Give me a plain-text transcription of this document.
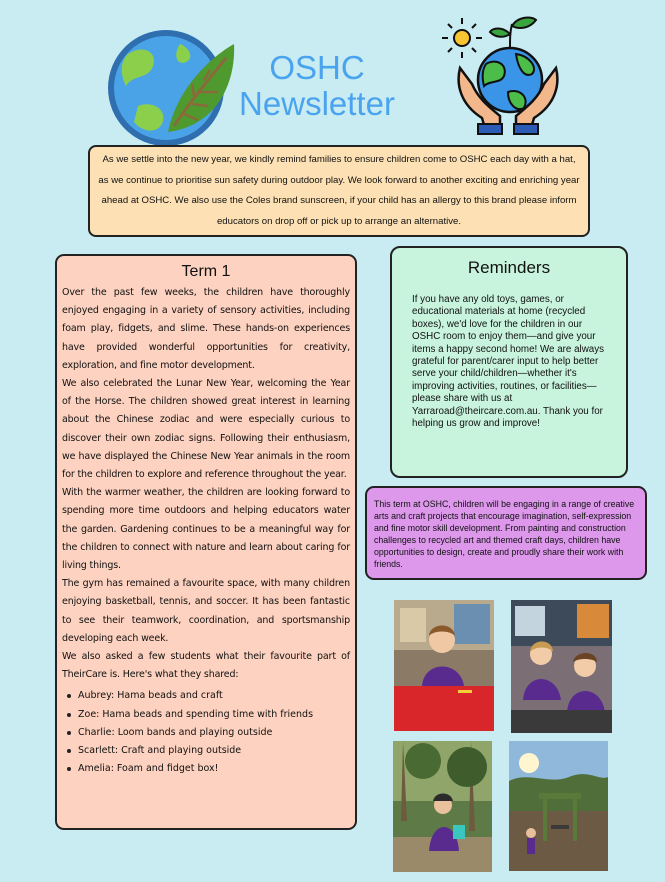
OSHC
Newsletter
As we settle into the new year, we kindly remind families to ensure children come to OSHC each day with a hat, as we continue to prioritise sun safety during outdoor play. We look forward to another exciting and enriching year ahead at OSHC. We also use the Coles brand sunscreen, if your child has an allergy to this brand please inform educators on drop off or pick up to arrange an alternative.
Term 1

Over the past few weeks, the children have thoroughly enjoyed engaging in a variety of sensory activities, including foam play, fidgets, and slime. These hands-on experiences have provided wonderful opportunities for creativity, exploration, and fine motor development.

We also celebrated the Lunar New Year, welcoming the Year of the Horse. The children showed great interest in learning about the Chinese zodiac and were especially curious to discover their own zodiac signs. Following their enthusiasm, we have displayed the Chinese New Year animals in the room for the children to explore and reference throughout the year.

With the warmer weather, the children are looking forward to spending more time outdoors and helping educators water the garden. Gardening continues to be a meaningful way for the children to connect with nature and learn about caring for living things.

The gym has remained a favourite space, with many children enjoying basketball, tennis, and soccer. It has been fantastic to see their teamwork, coordination, and sportsmanship developing each week.

We also asked a few students what their favourite part of TheirCare is. Here's what they shared:

Aubrey: Hama beads and craft
Zoe: Hama beads and spending time with friends
Charlie: Loom bands and playing outside
Scarlett: Craft and playing outside
Amelia: Foam and fidget box!
Reminders

If you have any old toys, games, or educational materials at home (recycled boxes), we'd love for the children in our OSHC room to enjoy them—and give your items a happy second home! We are always grateful for parent/carer input to help better serve your child/children—whether it's improving activities, routines, or facilities—please share with us at Yarraroad@theircare.com.au. Thank you for helping us grow and improve!

This term at OSHC, children will be engaging in a range of creative arts and craft projects that encourage imagination, self-expression and fine motor skill development. From painting and construction challenges to recycled art and themed craft days, children have opportunities to design, create and proudly share their work with friends.
